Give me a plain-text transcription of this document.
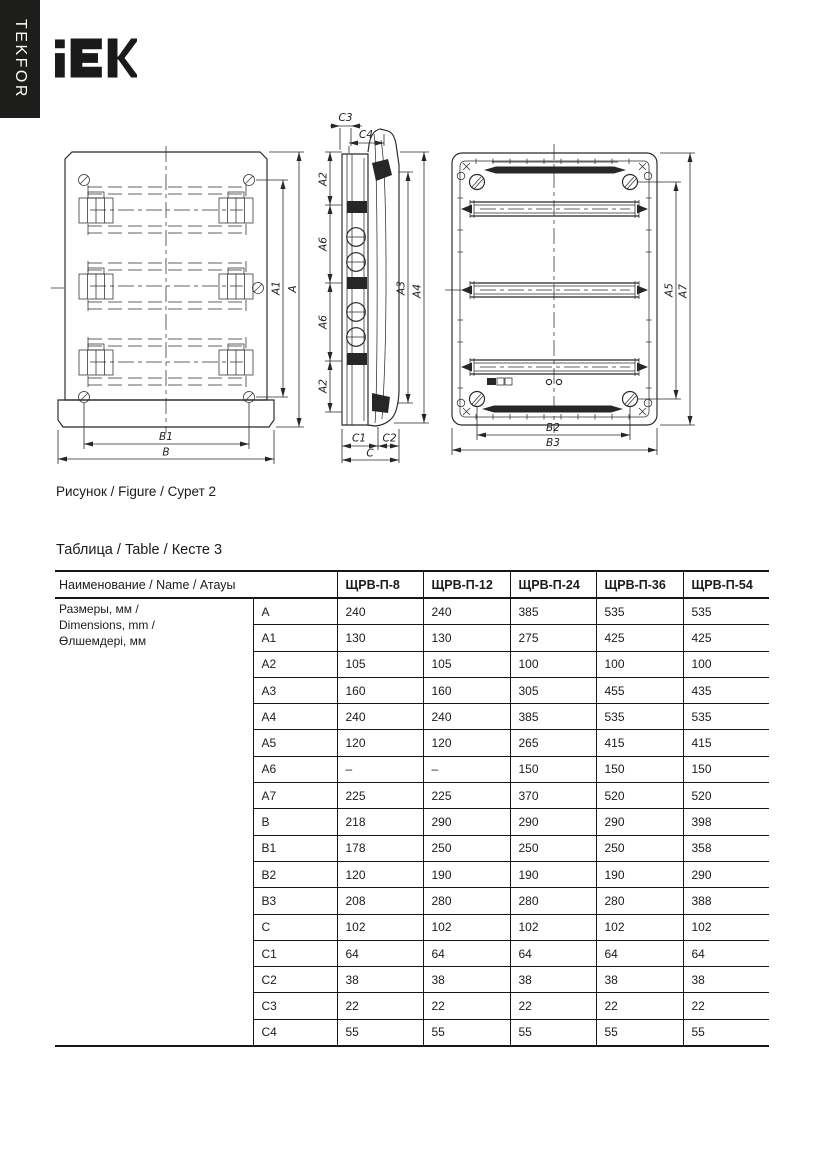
TEKFOR
A1 A
B1
B
C3
C4
A2
A6
A6
A2
A3 A4
C1 C2
C
A5 A7
B2
B3
Рисунок / Figure / Сурет 2
Таблица / Table / Кесте 3
Наименование / Name / Атауы		ЩРВ-П-8	ЩРВ-П-12	ЩРВ-П-24	ЩРВ-П-36	ЩРВ-П-54

Размеры, мм /
Dimensions, mm /
Өлшемдері, мм	A	240	240	385	535	535
	A1	130	130	275	425	425
	A2	105	105	100	100	100
	A3	160	160	305	455	435
	A4	240	240	385	535	535
	A5	120	120	265	415	415
	A6	–	–	150	150	150
	A7	225	225	370	520	520
	B	218	290	290	290	398
	B1	178	250	250	250	358
	B2	120	190	190	190	290
	B3	208	280	280	280	388
	C	102	102	102	102	102
	C1	64	64	64	64	64
	C2	38	38	38	38	38
	C3	22	22	22	22	22
	C4	55	55	55	55	55
